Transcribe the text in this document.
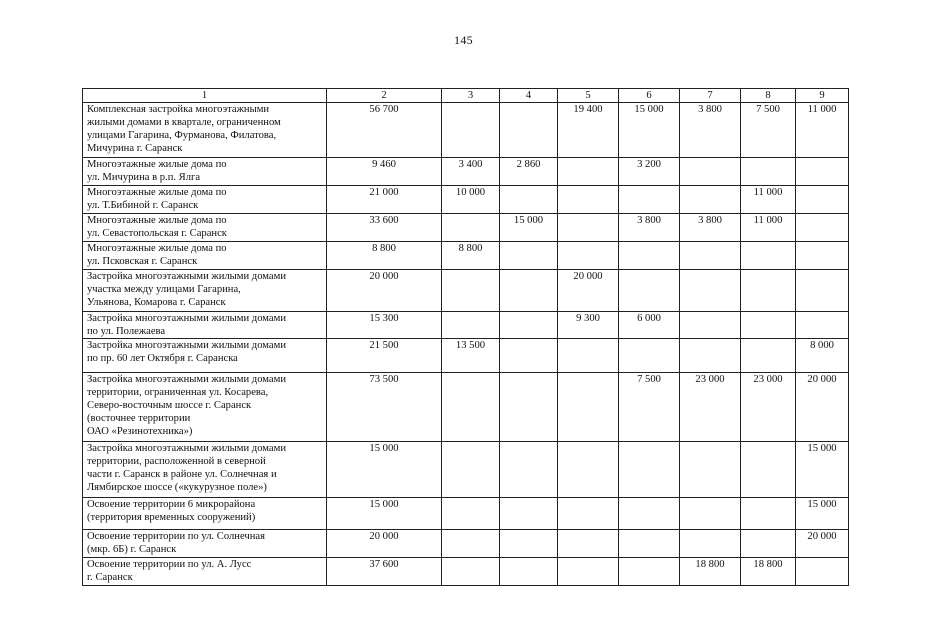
145
1	2	3	4	5	6	7	8	9

Комплексная застройка многоэтажными
жилыми домами в квартале, ограниченном
улицами Гагарина, Фурманова, Филатова,
Мичурина г. Саранск	56 700			19 400	15 000	3 800	7 500	11 000

Многоэтажные жилые дома по
ул. Мичурина в р.п. Ялга	9 460	3 400	2 860		3 200			

Многоэтажные жилые дома по
ул. Т.Бибиной г. Саранск	21 000	10 000					11 000	

Многоэтажные жилые дома по
ул. Севастопольская г. Саранск	33 600		15 000		3 800	3 800	11 000	

Многоэтажные жилые дома по
ул. Псковская г. Саранск	8 800	8 800						

Застройка многоэтажными жилыми домами
участка между улицами Гагарина,
Ульянова, Комарова г. Саранск	20 000			20 000				

Застройка многоэтажными жилыми домами
по ул. Полежаева	15 300			9 300	6 000			

Застройка многоэтажными жилыми домами
по пр. 60 лет Октября г. Саранска	21 500	13 500						8 000

Застройка многоэтажными жилыми домами
территории, ограниченная ул. Косарева,
Северо-восточным шоссе г. Саранск
(восточнее территории
ОАО «Резинотехника»)	73 500				7 500	23 000	23 000	20 000

Застройка многоэтажными жилыми домами
территории, расположенной в северной
части г. Саранск в районе ул. Солнечная и
Лямбирское шоссе («кукурузное поле»)	15 000							15 000

Освоение территории 6 микрорайона
(территория временных сооружений)	15 000							15 000

Освоение территории по ул. Солнечная
(мкр. 6Б) г. Саранск	20 000							20 000

Освоение территории по ул. А. Лусс
г. Саранск	37 600					18 800	18 800	
